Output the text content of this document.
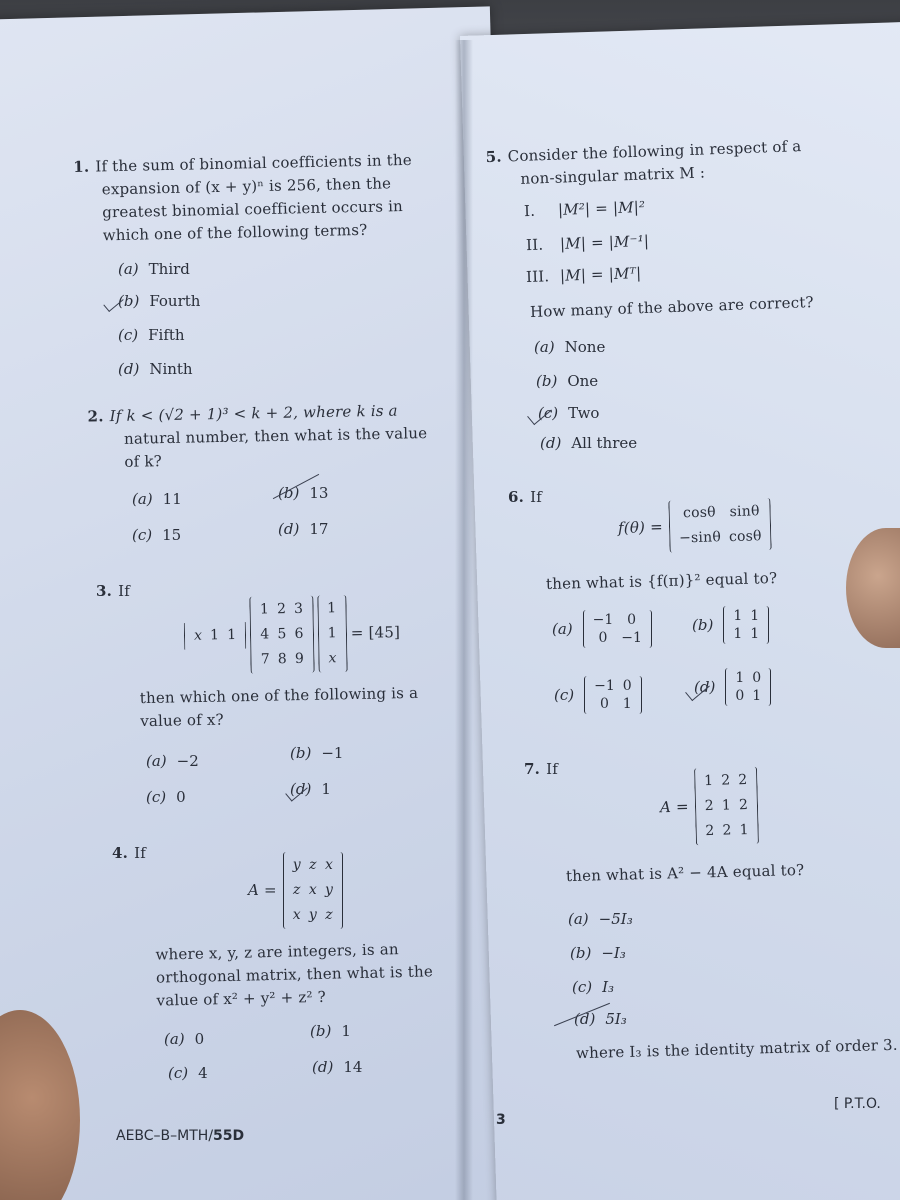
1. If the sum of binomial coefficients in the
expansion of (x + y)ⁿ is 256, then the
greatest binomial coefficient occurs in
which one of the following terms?
(a) Third
(b) Fourth
(c) Fifth
(d) Ninth
2. If k < (√2 + 1)³ < k + 2, where k is a
natural number, then what is the value
of k?
(a) 11	(b) 13
(c) 15	(d) 17
3. If
x	1	1
1	2	3
4	5	6
7	8	9
1
1
x
= [45]
then which one of the following is a
value of x?
(a) −2	(b) −1
(c) 0	(d) 1
4. If
A =
y	z	x
z	x	y
x	y	z
where x, y, z are integers, is an
orthogonal matrix, then what is the
value of x² + y² + z² ?
(a) 0	(b) 1
(c) 4	(d) 14
5. Consider the following in respect of a
non-singular matrix M :
I. |M²| = |M|²
II. |M| = |M⁻¹|
III. |M| = |Mᵀ|
How many of the above are correct?
(a) None
(b) One
(c) Two
(d) All three
6. If
f(θ) =
cosθ	sinθ
−sinθ	cosθ
then what is {f(π)}² equal to?
(a) −1	0
0	−1
(b) 1	1
1	1
(c) −1	0
0	1
(d) 1	0
0	1
7. If
A =
1	2	2
2	1	2
2	2	1
then what is A² − 4A equal to?
(a) −5I₃
(b) −I₃
(c) I₃
(d) 5I₃
where I₃ is the identity matrix of order 3.
AEBC–B–MTH/55D
3
[ P.T.O.
